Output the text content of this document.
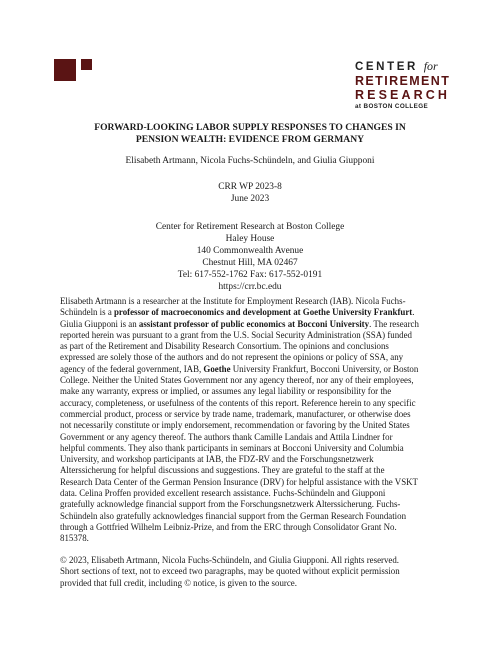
CENTER for
RETIREMENT
RESEARCH
at BOSTON COLLEGE
FORWARD-LOOKING LABOR SUPPLY RESPONSES TO CHANGES IN
PENSION WEALTH: EVIDENCE FROM GERMANY
Elisabeth Artmann, Nicola Fuchs-Schündeln, and Giulia Giupponi
CRR WP 2023-8
June 2023
Center for Retirement Research at Boston College
Haley House
140 Commonwealth Avenue
Chestnut Hill, MA 02467
Tel: 617-552-1762 Fax: 617-552-0191
https://crr.bc.edu
Elisabeth Artmann is a researcher at the Institute for Employment Research (IAB). Nicola Fuchs-
Schündeln is a professor of macroeconomics and development at Goethe University Frankfurt.
Giulia Giupponi is an assistant professor of public economics at Bocconi University. The research
reported herein was pursuant to a grant from the U.S. Social Security Administration (SSA) funded
as part of the Retirement and Disability Research Consortium. The opinions and conclusions
expressed are solely those of the authors and do not represent the opinions or policy of SSA, any
agency of the federal government, IAB, Goethe University Frankfurt, Bocconi University, or Boston
College. Neither the United States Government nor any agency thereof, nor any of their employees,
make any warranty, express or implied, or assumes any legal liability or responsibility for the
accuracy, completeness, or usefulness of the contents of this report. Reference herein to any specific
commercial product, process or service by trade name, trademark, manufacturer, or otherwise does
not necessarily constitute or imply endorsement, recommendation or favoring by the United States
Government or any agency thereof. The authors thank Camille Landais and Attila Lindner for
helpful comments. They also thank participants in seminars at Bocconi University and Columbia
University, and workshop participants at IAB, the FDZ-RV and the Forschungsnetzwerk
Alterssicherung for helpful discussions and suggestions. They are grateful to the staff at the
Research Data Center of the German Pension Insurance (DRV) for helpful assistance with the VSKT
data. Celina Proffen provided excellent research assistance. Fuchs-Schündeln and Giupponi
gratefully acknowledge financial support from the Forschungsnetzwerk Alterssicherung. Fuchs-
Schündeln also gratefully acknowledges financial support from the German Research Foundation
through a Gottfried Wilhelm Leibniz-Prize, and from the ERC through Consolidator Grant No.
815378.
© 2023, Elisabeth Artmann, Nicola Fuchs-Schündeln, and Giulia Giupponi. All rights reserved.
Short sections of text, not to exceed two paragraphs, may be quoted without explicit permission
provided that full credit, including © notice, is given to the source.
